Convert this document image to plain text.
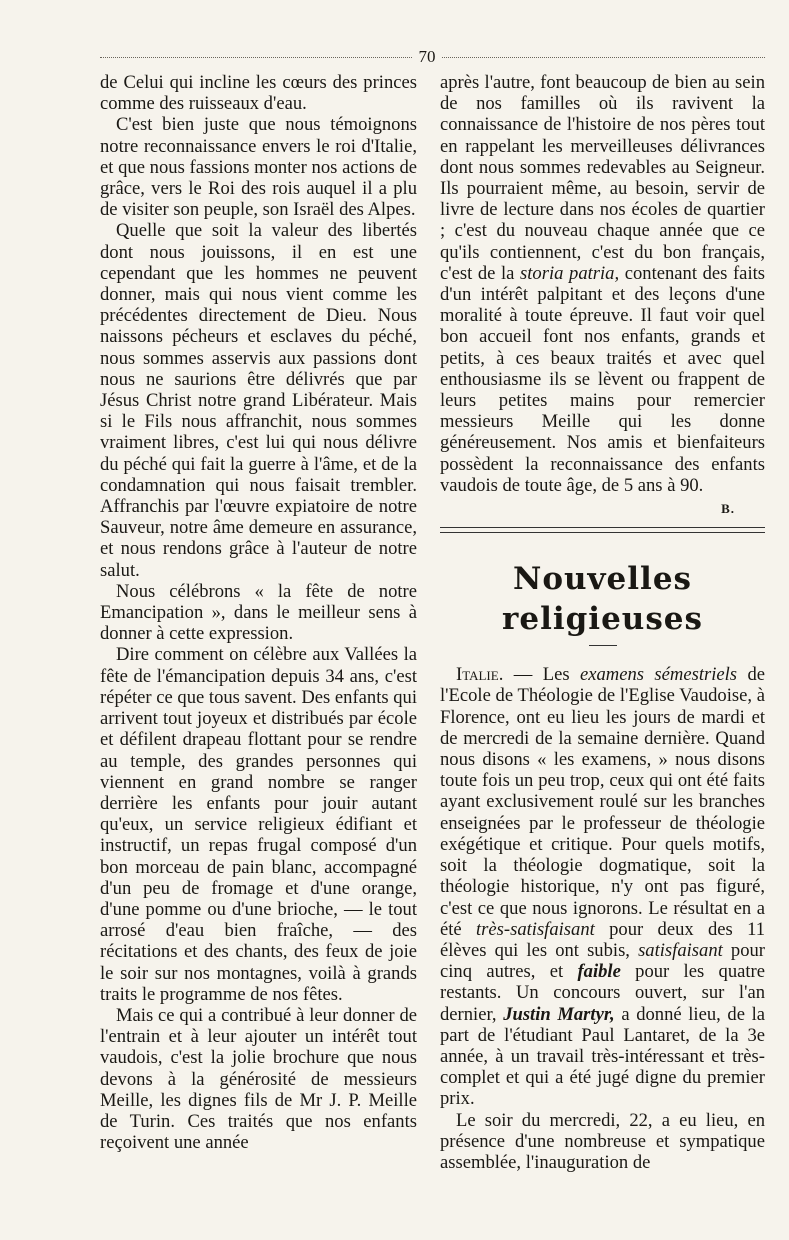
70

de Celui qui incline les cœurs des princes comme des ruisseaux d'eau.

C'est bien juste que nous témoignons notre reconnaissance envers le roi d'Italie, et que nous fassions monter nos actions de grâce, vers le Roi des rois auquel il a plu de visiter son peuple, son Israël des Alpes.

Quelle que soit la valeur des libertés dont nous jouissons, il en est une cependant que les hommes ne peuvent donner, mais qui nous vient comme les précédentes directement de Dieu. Nous naissons pécheurs et esclaves du péché, nous sommes asservis aux passions dont nous ne saurions être délivrés que par Jésus Christ notre grand Libérateur. Mais si le Fils nous affranchit, nous sommes vraiment libres, c'est lui qui nous délivre du péché qui fait la guerre à l'âme, et de la condamnation qui nous faisait trembler. Affranchis par l'œuvre expiatoire de notre Sauveur, notre âme demeure en assurance, et nous rendons grâce à l'auteur de notre salut.

Nous célébrons « la fête de notre Emancipation », dans le meilleur sens à donner à cette expression.

Dire comment on célèbre aux Vallées la fête de l'émancipation depuis 34 ans, c'est répéter ce que tous savent. Des enfants qui arrivent tout joyeux et distribués par école et défilent drapeau flottant pour se rendre au temple, des grandes personnes qui viennent en grand nombre se ranger derrière les enfants pour jouir autant qu'eux, un service religieux édifiant et instructif, un repas frugal composé d'un bon morceau de pain blanc, accompagné d'un peu de fromage et d'une orange, d'une pomme ou d'une brioche, — le tout arrosé d'eau bien fraîche, — des récitations et des chants, des feux de joie le soir sur nos montagnes, voilà à grands traits le programme de nos fêtes.

Mais ce qui a contribué à leur donner de l'entrain et à leur ajouter un intérêt tout vaudois, c'est la jolie brochure que nous devons à la générosité de messieurs Meille, les dignes fils de Mr J. P. Meille de Turin. Ces traités que nos enfants reçoivent une année

après l'autre, font beaucoup de bien au sein de nos familles où ils ravivent la connaissance de l'histoire de nos pères tout en rappelant les merveilleuses délivrances dont nous sommes redevables au Seigneur. Ils pourraient même, au besoin, servir de livre de lecture dans nos écoles de quartier ; c'est du nouveau chaque année que ce qu'ils contiennent, c'est du bon français, c'est de la storia patria, contenant des faits d'un intérêt palpitant et des leçons d'une moralité à toute épreuve. Il faut voir quel bon accueil font nos enfants, grands et petits, à ces beaux traités et avec quel enthousiasme ils se lèvent ou frappent de leurs petites mains pour remercier messieurs Meille qui les donne généreusement. Nos amis et bienfaiteurs possèdent la reconnaissance des enfants vaudois de toute âge, de 5 ans à 90.

B.
Nouvelles religieuses

Italie. — Les examens sémestriels de l'Ecole de Théologie de l'Eglise Vaudoise, à Florence, ont eu lieu les jours de mardi et de mercredi de la semaine dernière. Quand nous disons « les examens, » nous disons toute fois un peu trop, ceux qui ont été faits ayant exclusivement roulé sur les branches enseignées par le professeur de théologie exégétique et critique. Pour quels motifs, soit la théologie dogmatique, soit la théologie historique, n'y ont pas figuré, c'est ce que nous ignorons. Le résultat en a été très-satisfaisant pour deux des 11 élèves qui les ont subis, satisfaisant pour cinq autres, et faible pour les quatre restants. Un concours ouvert, sur l'an dernier, Justin Martyr, a donné lieu, de la part de l'étudiant Paul Lantaret, de la 3e année, à un travail très-intéressant et très-complet et qui a été jugé digne du premier prix.

Le soir du mercredi, 22, a eu lieu, en présence d'une nombreuse et sympatique assemblée, l'inauguration de
